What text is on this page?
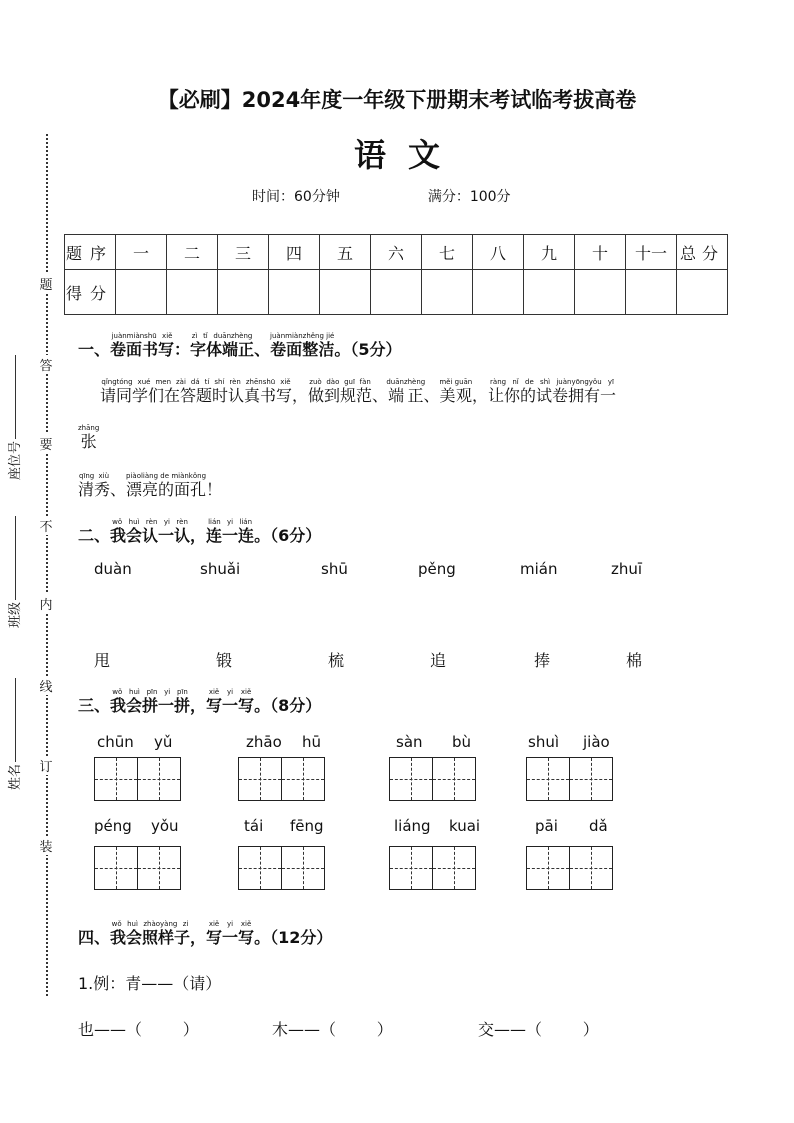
【必刷】2024年度一年级下册期末考试临考拔高卷
语文
时间：60分钟	满分：100分
题
答
要
不
内
线
订
装
座位号
班级
姓名
题序	一	二	三	四	五	六	七	八	九	十	十一	总分
得分												
一、卷面书写juànmiànshū xiě：字体端正zì tǐ duānzhèng、卷面整洁juànmiànzhěng jié。（5分）
请同学们在答题时认真书写qǐngtóng xué men zài dá tí shí rèn zhēnshū xiě，做到规范zuò dào guī fàn、端正duānzhèng、美观měi guān，让你的试卷拥有一ràng nǐ de shì juànyōngyǒu yī
张zhāng
清秀qīng xiù、漂亮的面孔piàoliàng de miànkǒng！
二、我会认一认wǒ huì rèn yi rèn，连一连lián yi lián。（6分）
duàn	shuǎi	shū	pěng	mián	zhuī
甩	锻	梳	追	捧	棉
三、我会拼一拼wǒ huì pīn yi pīn，写一写xiě yi xiě。（8分）
chūn yǔ	zhāo hū	sàn bù	shuì jiào
péng yǒu	tái fēng	liáng kuai	pāi dǎ
四、我会照样子wǒ huì zhàoyàng zi，写一写xiě yi xiě。（12分）
1.例：青——（请）
也——（        ）	木——（        ）	交——（        ）
